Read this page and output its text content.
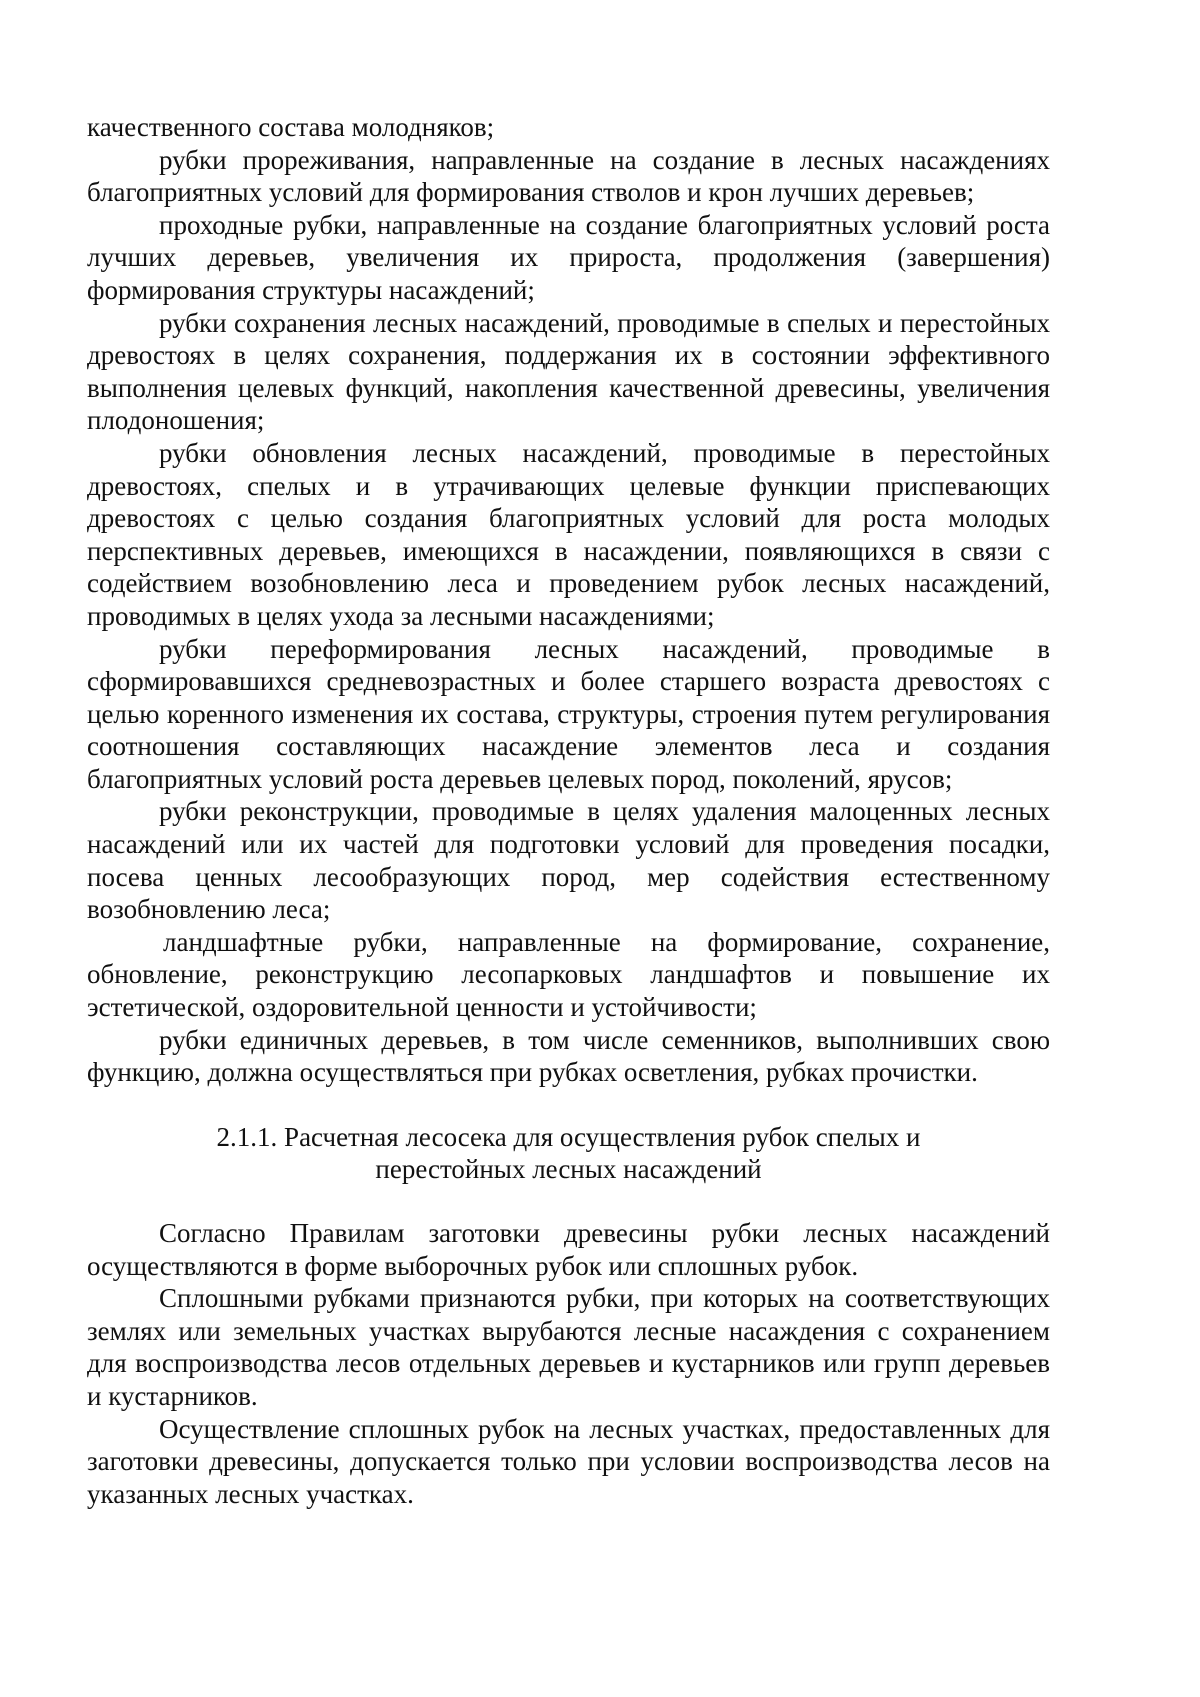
качественного состава молодняков;

рубки прореживания, направленные на создание в лесных насаждениях благоприятных условий для формирования стволов и крон лучших деревьев;

проходные рубки, направленные на создание благоприятных условий роста лучших деревьев, увеличения их прироста, продолжения (завершения) формирования структуры насаждений;

рубки сохранения лесных насаждений, проводимые в спелых и перестойных древостоях в целях сохранения, поддержания их в состоянии эффективного выполнения целевых функций, накопления качественной древесины, увеличения плодоношения;

рубки обновления лесных насаждений, проводимые в перестойных древостоях, спелых и в утрачивающих целевые функции приспевающих древостоях с целью создания благоприятных условий для роста молодых перспективных деревьев, имеющихся в насаждении, появляющихся в связи с содействием возобновлению леса и проведением рубок лесных насаждений, проводимых в целях ухода за лесными насаждениями;

рубки переформирования лесных насаждений, проводимые в сформировавшихся средневозрастных и более старшего возраста древостоях с целью коренного изменения их состава, структуры, строения путем регулирования соотношения составляющих насаждение элементов леса и создания благоприятных условий роста деревьев целевых пород, поколений, ярусов;

рубки реконструкции, проводимые в целях удаления малоценных лесных насаждений или их частей для подготовки условий для проведения посадки, посева ценных лесообразующих пород, мер содействия естественному возобновлению леса;

ландшафтные рубки, направленные на формирование, сохранение, обновление, реконструкцию лесопарковых ландшафтов и повышение их эстетической, оздоровительной ценности и устойчивости;

рубки единичных деревьев, в том числе семенников, выполнивших свою функцию, должна осуществляться при рубках осветления, рубках прочистки.

2.1.1. Расчетная лесосека для осуществления рубок спелых и
перестойных лесных насаждений

Согласно Правилам заготовки древесины рубки лесных насаждений осуществляются в форме выборочных рубок или сплошных рубок.

Сплошными рубками признаются рубки, при которых на соответствующих землях или земельных участках вырубаются лесные насаждения с сохранением для воспроизводства лесов отдельных деревьев и кустарников или групп деревьев и кустарников.

Осуществление сплошных рубок на лесных участках, предоставленных для заготовки древесины, допускается только при условии воспроизводства лесов на указанных лесных участках.
